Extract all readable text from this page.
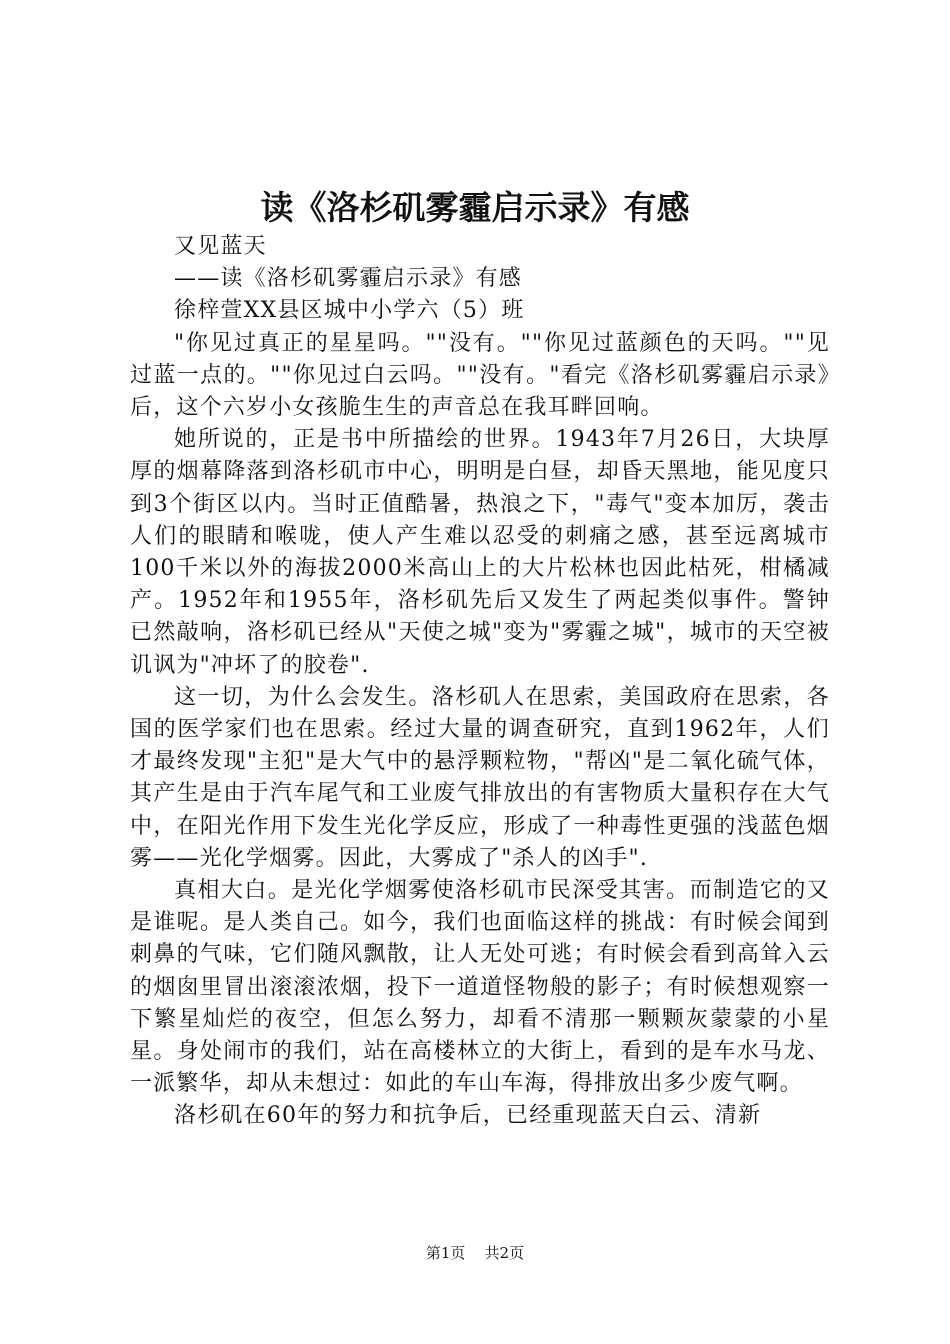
读《洛杉矶雾霾启示录》有感

又见蓝天

——读《洛杉矶雾霾启示录》有感

徐梓萱XX县区城中小学六（5）班

"你见过真正的星星吗。""没有。""你见过蓝颜色的天吗。""见过蓝一点的。""你见过白云吗。""没有。"看完《洛杉矶雾霾启示录》后，这个六岁小女孩脆生生的声音总在我耳畔回响。

她所说的，正是书中所描绘的世界。1943年7月26日，大块厚厚的烟幕降落到洛杉矶市中心，明明是白昼，却昏天黑地，能见度只到3个街区以内。当时正值酷暑，热浪之下，"毒气"变本加厉，袭击人们的眼睛和喉咙，使人产生难以忍受的刺痛之感，甚至远离城市100千米以外的海拔2000米高山上的大片松林也因此枯死，柑橘减产。1952年和1955年，洛杉矶先后又发生了两起类似事件。警钟已然敲响，洛杉矶已经从"天使之城"变为"雾霾之城"，城市的天空被讥讽为"冲坏了的胶卷".

这一切，为什么会发生。洛杉矶人在思索，美国政府在思索，各国的医学家们也在思索。经过大量的调查研究，直到1962年，人们才最终发现"主犯"是大气中的悬浮颗粒物，"帮凶"是二氧化硫气体，其产生是由于汽车尾气和工业废气排放出的有害物质大量积存在大气中，在阳光作用下发生光化学反应，形成了一种毒性更强的浅蓝色烟雾——光化学烟雾。因此，大雾成了"杀人的凶手".

真相大白。是光化学烟雾使洛杉矶市民深受其害。而制造它的又是谁呢。是人类自己。如今，我们也面临这样的挑战：有时候会闻到刺鼻的气味，它们随风飘散，让人无处可逃；有时候会看到高耸入云的烟囱里冒出滚滚浓烟，投下一道道怪物般的影子；有时候想观察一下繁星灿烂的夜空，但怎么努力，却看不清那一颗颗灰蒙蒙的小星星。身处闹市的我们，站在高楼林立的大街上，看到的是车水马龙、一派繁华，却从未想过：如此的车山车海，得排放出多少废气啊。

洛杉矶在60年的努力和抗争后，已经重现蓝天白云、清新

第1页 共2页
